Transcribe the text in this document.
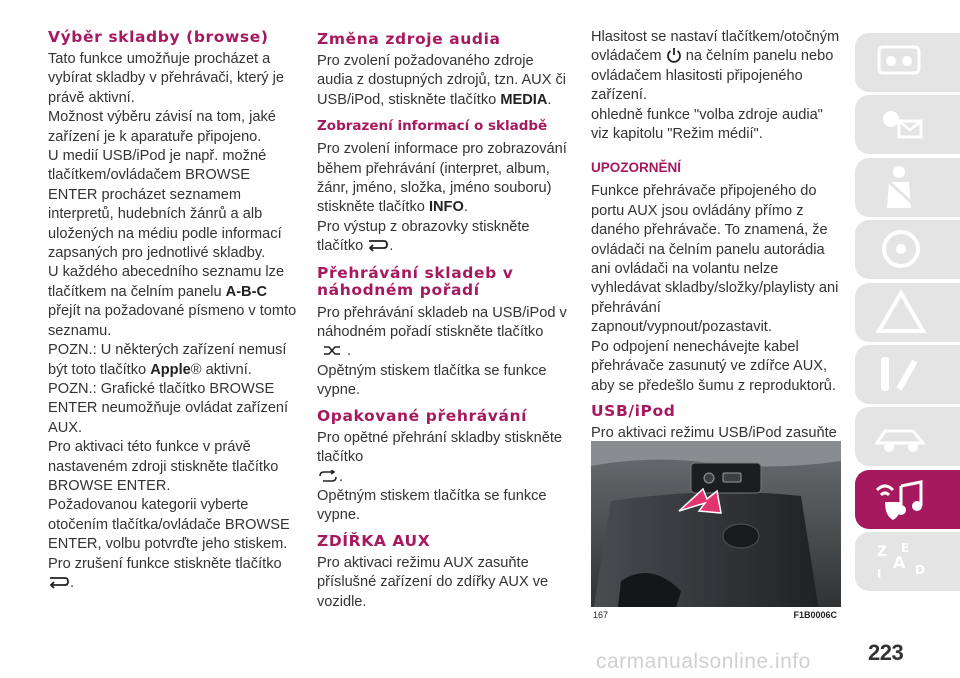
Výběr skladby (browse)

Tato funkce umožňuje procházet a vybírat skladby v přehrávači, který je právě aktivní.

Možnost výběru závisí na tom, jaké zařízení je k aparatuře připojeno.

U medií USB/iPod je např. možné tlačítkem/ovládačem BROWSE ENTER procházet seznamem interpretů, hudebních žánrů a alb uložených na médiu podle informací zapsaných pro jednotlivé skladby.

U každého abecedního seznamu lze tlačítkem na čelním panelu A-B-C přejít na požadované písmeno v tomto seznamu.

POZN.: U některých zařízení nemusí být toto tlačítko Apple® aktivní.

POZN.: Grafické tlačítko BROWSE ENTER neumožňuje ovládat zařízení AUX.

Pro aktivaci této funkce v právě nastaveném zdroji stiskněte tlačítko BROWSE ENTER.

Požadovanou kategorii vyberte otočením tlačítka/ovládače BROWSE ENTER, volbu potvrďte jeho stiskem.

Pro zrušení funkce stiskněte tlačítko
.

Změna zdroje audia

Pro zvolení požadovaného zdroje audia z dostupných zdrojů, tzn. AUX či USB/iPod, stiskněte tlačítko MEDIA.

Zobrazení informací o skladbě

Pro zvolení informace pro zobrazování během přehrávání (interpret, album, žánr, jméno, složka, jméno souboru) stiskněte tlačítko INFO.

Pro výstup z obrazovky stiskněte tlačítko .

Přehrávání skladeb v náhodném pořadí

Pro přehrávání skladeb na USB/iPod v náhodném pořadí stiskněte tlačítko
.

Opětným stiskem tlačítka se funkce vypne.

Opakované přehrávání

Pro opětné přehrání skladby stiskněte tlačítko
.

Opětným stiskem tlačítka se funkce vypne.

ZDÍŘKA AUX

Pro aktivaci režimu AUX zasuňte příslušné zařízení do zdířky AUX ve vozidle.

Hlasitost se nastaví tlačítkem/otočným ovládačem na čelním panelu nebo ovládačem hlasitosti připojeného zařízení.

ohledně funkce "volba zdroje audia" viz kapitolu "Režim médií".

UPOZORNĚNÍ

Funkce přehrávače připojeného do portu AUX jsou ovládány přímo z daného přehrávače. To znamená, že ovládači na čelním panelu autorádia ani ovládači na volantu nelze vyhledávat skladby/složky/playlisty ani přehrávání zapnout/vypnout/pozastavit.

Po odpojení nenechávejte kabel přehrávače zasunutý ve zdířce AUX, aby se předešlo šumu z reproduktorů.

USB/iPod

Pro aktivaci režimu USB/iPod zasuňte

167	F1B0006C
Z E
A
I	D
223
carmanualsonline.info
